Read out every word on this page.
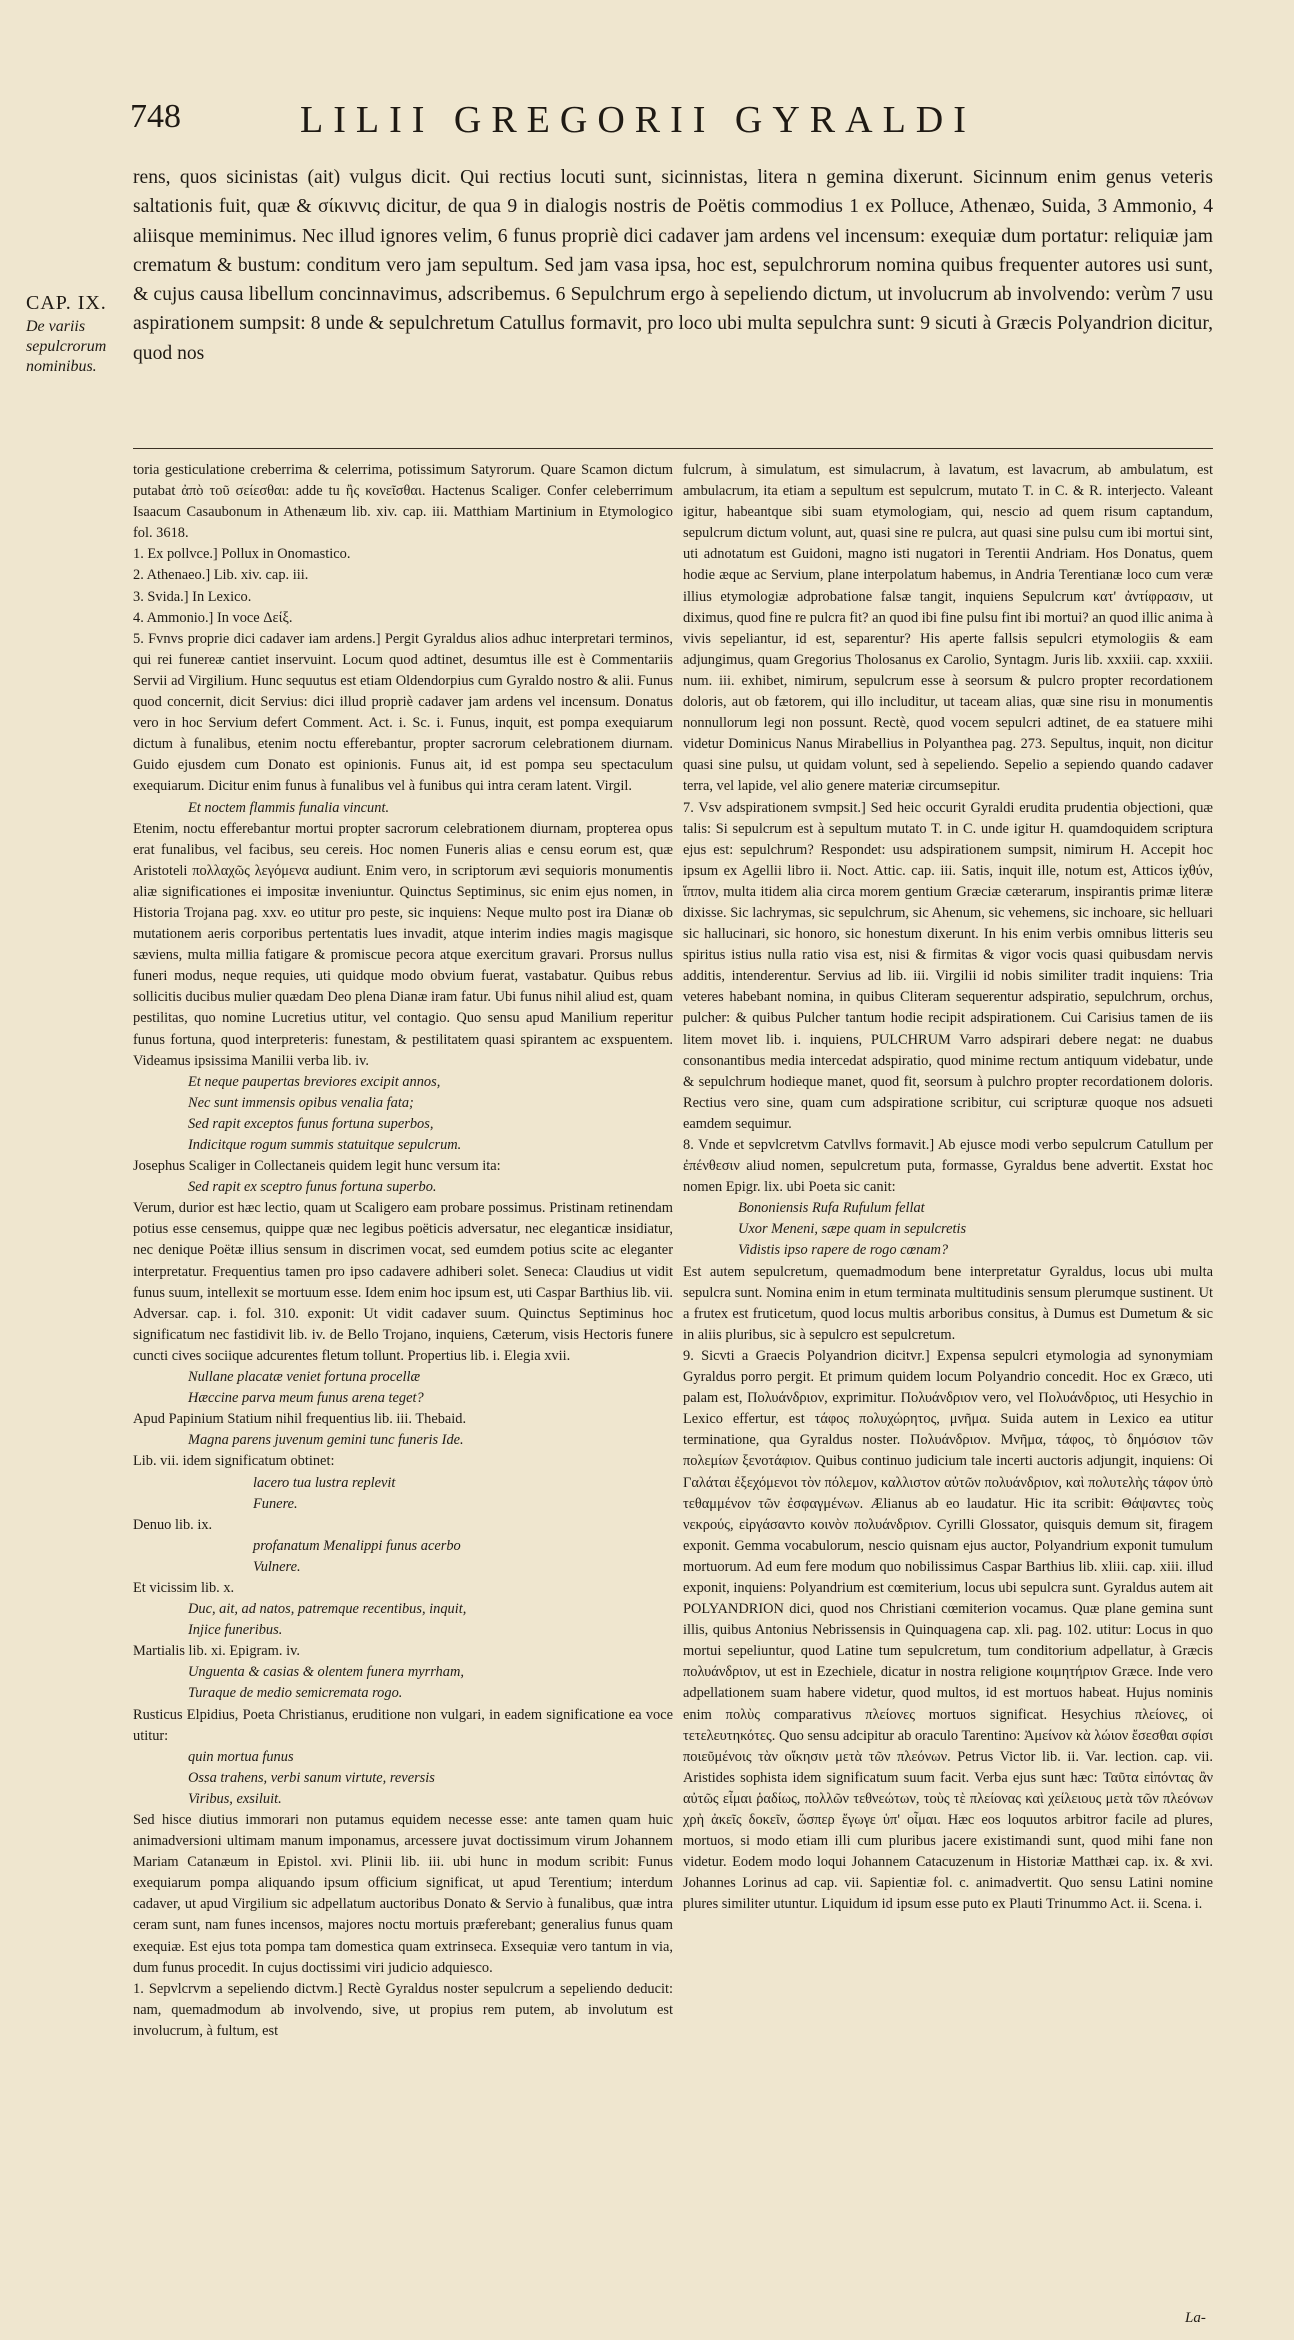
748	LILII GREGORII GYRALDI

rens, quos sicinistas (ait) vulgus dicit. Qui rectius locuti sunt, sicinnistas, litera n gemina dixerunt. Sicinnum enim genus veteris saltationis fuit, quæ & σίκιννις dicitur, de qua 9 in dialogis nostris de Poëtis commodius 1 ex Polluce, Athenæo, Suida, 3 Ammonio, 4 aliisque meminimus. Nec illud ignores velim, 6 funus propriè dici cadaver jam ardens vel incensum: exequiæ dum portatur: reliquiæ jam crematum & bustum: conditum vero jam sepultum. Sed jam vasa ipsa, hoc est, sepulchrorum nomina quibus frequenter autores usi sunt, & cujus causa libellum concinnavimus, adscribemus. 6 Sepulchrum ergo à sepeliendo dictum, ut involucrum ab involvendo: verùm 7 usu aspirationem sumpsit: 8 unde & sepulchretum Catullus formavit, pro loco ubi multa sepulchra sunt: 9 sicuti à Græcis Polyandrion dicitur, quod nos

CAP. IX.
De variis sepulcrorum nominibus.

toria gesticulatione creberrima & celerrima, potissimum Satyrorum. Quare Scamon dictum putabat ἀπὸ τοῦ σείεσθαι: adde tu ἢς κονεῖσθαι. Hactenus Scaliger. Confer celeberrimum Isaacum Casaubonum in Athenæum lib. xiv. cap. iii. Matthiam Martinium in Etymologico fol. 3618.

1. Ex pollvce.] Pollux in Onomastico.

2. Athenaeo.] Lib. xiv. cap. iii.

3. Svida.] In Lexico.

4. Ammonio.] In voce Δείξ.

5. Fvnvs proprie dici cadaver iam ardens.] Pergit Gyraldus alios adhuc interpretari terminos, qui rei funereæ cantiet inservuint. Locum quod adtinet, desumtus ille est è Commentariis Servii ad Virgilium. Hunc sequutus est etiam Oldendorpius cum Gyraldo nostro & alii. Funus quod concernit, dicit Servius: dici illud propriè cadaver jam ardens vel incensum. Donatus vero in hoc Servium defert Comment. Act. i. Sc. i. Funus, inquit, est pompa exequiarum dictum à funalibus, etenim noctu efferebantur, propter sacrorum celebrationem diurnam. Guido ejusdem cum Donato est opinionis. Funus ait, id est pompa seu spectaculum exequiarum. Dicitur enim funus à funalibus vel à funibus qui intra ceram latent. Virgil.

Et noctem flammis funalia vincunt.

Etenim, noctu efferebantur mortui propter sacrorum celebrationem diurnam, propterea opus erat funalibus, vel facibus, seu cereis. Hoc nomen Funeris alias e censu eorum est, quæ Aristoteli πολλαχῶς λεγόμενα audiunt. Enim vero, in scriptorum ævi sequioris monumentis aliæ significationes ei impositæ inveniuntur. Quinctus Septiminus, sic enim ejus nomen, in Historia Trojana pag. xxv. eo utitur pro peste, sic inquiens: Neque multo post ira Dianæ ob mutationem aeris corporibus pertentatis lues invadit, atque interim indies magis magisque sæviens, multa millia fatigare & promiscue pecora atque exercitum gravari. Prorsus nullus funeri modus, neque requies, uti quidque modo obvium fuerat, vastabatur. Quibus rebus sollicitis ducibus mulier quædam Deo plena Dianæ iram fatur. Ubi funus nihil aliud est, quam pestilitas, quo nomine Lucretius utitur, vel contagio. Quo sensu apud Manilium reperitur funus fortuna, quod interpreteris: funestam, & pestilitatem quasi spirantem ac exspuentem. Videamus ipsissima Manilii verba lib. iv.

Et neque paupertas breviores excipit annos,
Nec sunt immensis opibus venalia fata;
Sed rapit exceptos funus fortuna superbos,
Indicitque rogum summis statuitque sepulcrum.

Josephus Scaliger in Collectaneis quidem legit hunc versum ita:

Sed rapit ex sceptro funus fortuna superbo.

Verum, durior est hæc lectio, quam ut Scaligero eam probare possimus. Pristinam retinendam potius esse censemus, quippe quæ nec legibus poëticis adversatur, nec eleganticæ insidiatur, nec denique Poëtæ illius sensum in discrimen vocat, sed eumdem potius scite ac eleganter interpretatur. Frequentius tamen pro ipso cadavere adhiberi solet. Seneca: Claudius ut vidit funus suum, intellexit se mortuum esse. Idem enim hoc ipsum est, uti Caspar Barthius lib. vii. Adversar. cap. i. fol. 310. exponit: Ut vidit cadaver suum. Quinctus Septiminus hoc significatum nec fastidivit lib. iv. de Bello Trojano, inquiens, Cæterum, visis Hectoris funere cuncti cives sociique adcurentes fletum tollunt. Propertius lib. i. Elegia xvii.

Nullane placatæ veniet fortuna procellæ
Hæccine parva meum funus arena teget?

Apud Papinium Statium nihil frequentius lib. iii. Thebaid.

Magna parens juvenum gemini tunc funeris Ide.

Lib. vii. idem significatum obtinet:

lacero tua lustra replevit
Funere.

Denuo lib. ix.

profanatum Menalippi funus acerbo
Vulnere.

Et vicissim lib. x.

Duc, ait, ad natos, patremque recentibus, inquit,
Injice funeribus.

Martialis lib. xi. Epigram. iv.

Unguenta & casias & olentem funera myrrham,
Turaque de medio semicremata rogo.

Rusticus Elpidius, Poeta Christianus, eruditione non vulgari, in eadem significatione ea voce utitur:

quin mortua funus
Ossa trahens, verbi sanum virtute, reversis
Viribus, exsiluit.

Sed hisce diutius immorari non putamus equidem necesse esse: ante tamen quam huic animadversioni ultimam manum imponamus, arcessere juvat doctissimum virum Johannem Mariam Catanæum in Epistol. xvi. Plinii lib. iii. ubi hunc in modum scribit: Funus exequiarum pompa aliquando ipsum officium significat, ut apud Terentium; interdum cadaver, ut apud Virgilium sic adpellatum auctoribus Donato & Servio à funalibus, quæ intra ceram sunt, nam funes incensos, majores noctu mortuis præferebant; generalius funus quam exequiæ. Est ejus tota pompa tam domestica quam extrinseca. Exsequiæ vero tantum in via, dum funus procedit. In cujus doctissimi viri judicio adquiesco.

1. Sepvlcrvm a sepeliendo dictvm.] Rectè Gyraldus noster sepulcrum a sepeliendo deducit: nam, quemadmodum ab involvendo, sive, ut propius rem putem, ab involutum est involucrum, à fultum, est

fulcrum, à simulatum, est simulacrum, à lavatum, est lavacrum, ab ambulatum, est ambulacrum, ita etiam a sepultum est sepulcrum, mutato T. in C. & R. interjecto. Valeant igitur, habeantque sibi suam etymologiam, qui, nescio ad quem risum captandum, sepulcrum dictum volunt, aut, quasi sine re pulcra, aut quasi sine pulsu cum ibi mortui sint, uti adnotatum est Guidoni, magno isti nugatori in Terentii Andriam. Hos Donatus, quem hodie æque ac Servium, plane interpolatum habemus, in Andria Terentianæ loco cum veræ illius etymologiæ adprobatione falsæ tangit, inquiens Sepulcrum κατ' ἀντίφρασιν, ut diximus, quod fine re pulcra fit? an quod ibi fine pulsu fint ibi mortui? an quod illic anima à vivis sepeliantur, id est, separentur? His aperte fallsis sepulcri etymologiis & eam adjungimus, quam Gregorius Tholosanus ex Carolio, Syntagm. Juris lib. xxxiii. cap. xxxiii. num. iii. exhibet, nimirum, sepulcrum esse à seorsum & pulcro propter recordationem doloris, aut ob fætorem, qui illo includitur, ut taceam alias, quæ sine risu in monumentis nonnullorum legi non possunt. Rectè, quod vocem sepulcri adtinet, de ea statuere mihi videtur Dominicus Nanus Mirabellius in Polyanthea pag. 273. Sepultus, inquit, non dicitur quasi sine pulsu, ut quidam volunt, sed à sepeliendo. Sepelio a sepiendo quando cadaver terra, vel lapide, vel alio genere materiæ circumsepitur.

7. Vsv adspirationem svmpsit.] Sed heic occurit Gyraldi erudita prudentia objectioni, quæ talis: Si sepulcrum est à sepultum mutato T. in C. unde igitur H. quamdoquidem scriptura ejus est: sepulchrum? Respondet: usu adspirationem sumpsit, nimirum H. Accepit hoc ipsum ex Agellii libro ii. Noct. Attic. cap. iii. Satis, inquit ille, notum est, Atticos ἰχθύν, ἵππον, multa itidem alia circa morem gentium Græciæ cæterarum, inspirantis primæ literæ dixisse. Sic lachrymas, sic sepulchrum, sic Ahenum, sic vehemens, sic inchoare, sic helluari sic hallucinari, sic honoro, sic honestum dixerunt. In his enim verbis omnibus litteris seu spiritus istius nulla ratio visa est, nisi & firmitas & vigor vocis quasi quibusdam nervis additis, intenderentur. Servius ad lib. iii. Virgilii id nobis similiter tradit inquiens: Tria veteres habebant nomina, in quibus Cliteram sequerentur adspiratio, sepulchrum, orchus, pulcher: & quibus Pulcher tantum hodie recipit adspirationem. Cui Carisius tamen de iis litem movet lib. i. inquiens, PULCHRUM Varro adspirari debere negat: ne duabus consonantibus media intercedat adspiratio, quod minime rectum antiquum videbatur, unde & sepulchrum hodieque manet, quod fit, seorsum à pulchro propter recordationem doloris. Rectius vero sine, quam cum adspiratione scribitur, cui scripturæ quoque nos adsueti eamdem sequimur.

8. Vnde et sepvlcretvm Catvllvs formavit.] Ab ejusce modi verbo sepulcrum Catullum per ἐπένθεσιν aliud nomen, sepulcretum puta, formasse, Gyraldus bene advertit. Exstat hoc nomen Epigr. lix. ubi Poeta sic canit:

Bononiensis Rufa Rufulum fellat
Uxor Meneni, sæpe quam in sepulcretis
Vidistis ipso rapere de rogo cœnam?

Est autem sepulcretum, quemadmodum bene interpretatur Gyraldus, locus ubi multa sepulcra sunt. Nomina enim in etum terminata multitudinis sensum plerumque sustinent. Ut a frutex est fruticetum, quod locus multis arboribus consitus, à Dumus est Dumetum & sic in aliis pluribus, sic à sepulcro est sepulcretum.

9. Sicvti a Graecis Polyandrion dicitvr.] Expensa sepulcri etymologia ad synonymiam Gyraldus porro pergit. Et primum quidem locum Polyandrio concedit. Hoc ex Græco, uti palam est, Πολυάνδριον, exprimitur. Πολυάνδριον vero, vel Πολυάνδριος, uti Hesychio in Lexico effertur, est τάφος πολυχώρητος, μνῆμα. Suida autem in Lexico ea utitur terminatione, qua Gyraldus noster. Πολυάνδριον. Μνῆμα, τάφος, τὸ δημόσιον τῶν πολεμίων ξενοτάφιον. Quibus continuo judicium tale incerti auctoris adjungit, inquiens: Οἱ Γαλάται ἐξεχόμενοι τὸν πόλεμον, καλλιστον αὐτῶν πολυάνδριον, καὶ πολυτελὴς τάφον ὑπὸ τεθαμμένον τῶν ἐσφαγμένων. Ælianus ab eo laudatur. Hic ita scribit: Θάψαντες τοὺς νεκρούς, εἰργάσαντο κοινὸν πολυάνδριον. Cyrilli Glossator, quisquis demum sit, firagem exponit. Gemma vocabulorum, nescio quisnam ejus auctor, Polyandrium exponit tumulum mortuorum. Ad eum fere modum quo nobilissimus Caspar Barthius lib. xliii. cap. xiii. illud exponit, inquiens: Polyandrium est cœmiterium, locus ubi sepulcra sunt. Gyraldus autem ait POLYANDRION dici, quod nos Christiani cœmiterion vocamus. Quæ plane gemina sunt illis, quibus Antonius Nebrissensis in Quinquagena cap. xli. pag. 102. utitur: Locus in quo mortui sepeliuntur, quod Latine tum sepulcretum, tum conditorium adpellatur, à Græcis πολυάνδριον, ut est in Ezechiele, dicatur in nostra religione κοιμητήριον Græce. Inde vero adpellationem suam habere videtur, quod multos, id est mortuos habeat. Hujus nominis enim πολὺς comparativus πλείονες mortuos significat. Hesychius πλείονες, οἱ τετελευτηκότες. Quo sensu adcipitur ab oraculo Tarentino: Ἀμείνον κὰ λώιον ἔσεσθαι σφίσι ποιεῦμένοις τὰν οἴκησιν μετὰ τῶν πλεόνων. Petrus Victor lib. ii. Var. lection. cap. vii. Aristides sophista idem significatum suum facit. Verba ejus sunt hæc: Ταῦτα εἰπόντας ἂν αὐτῶς εἶμαι ῥαδίως, πολλῶν τεθνεώτων, τοὺς τὲ πλείονας καὶ χείλειους μετὰ τῶν πλεόνων χρὴ ἀκεῖς δοκεῖν, ὥσπερ ἔγωγε ὑπ' οἶμαι. Hæc eos loquutos arbitror facile ad plures, mortuos, si modo etiam illi cum pluribus jacere existimandi sunt, quod mihi fane non videtur. Eodem modo loqui Johannem Catacuzenum in Historiæ Matthæi cap. ix. & xvi. Johannes Lorinus ad cap. vii. Sapientiæ fol. c. animadvertit. Quo sensu Latini nomine plures similiter utuntur. Liquidum id ipsum esse puto ex Plauti Trinummo Act. ii. Scena. i.

La-
